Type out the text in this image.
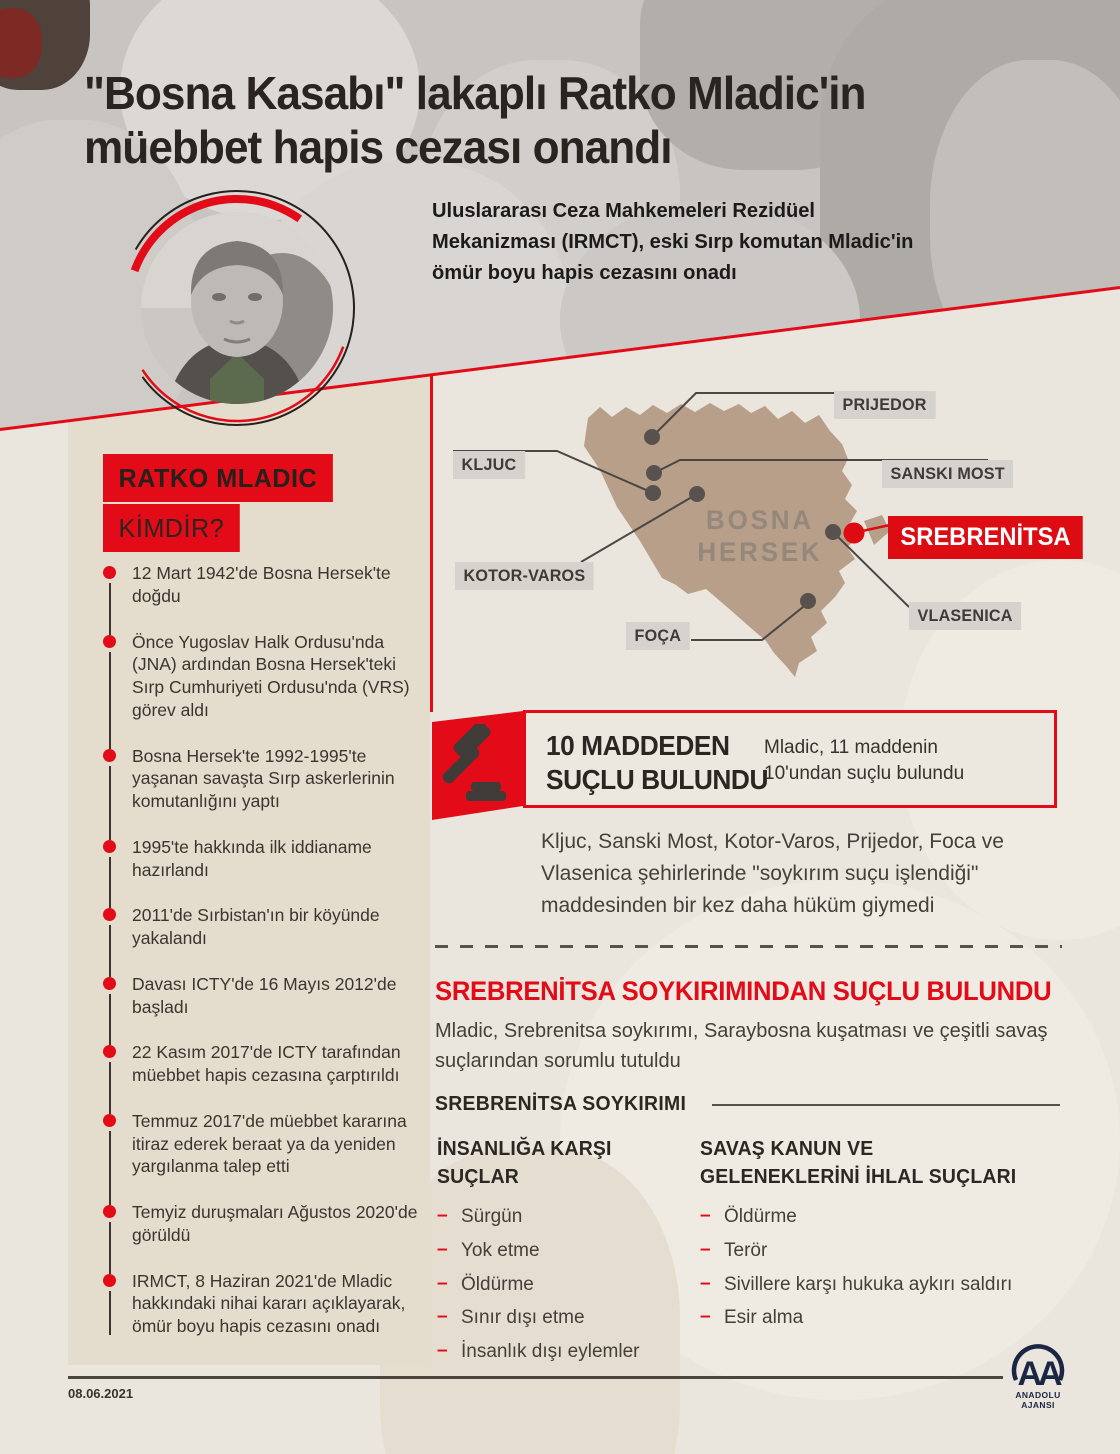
"Bosna Kasabı" lakaplı Ratko Mladic'in
müebbet hapis cezası onandı
Uluslararası Ceza Mahkemeleri Rezidüel Mekanizması (IRMCT), eski Sırp komutan Mladic'in ömür boyu hapis cezasını onadı
RATKO MLADIC
KİMDİR?
12 Mart 1942'de Bosna Hersek'te doğdu
Önce Yugoslav Halk Ordusu'nda (JNA) ardından Bosna Hersek'teki Sırp Cumhuriyeti Ordusu'nda (VRS) görev aldı
Bosna Hersek'te 1992-1995'te yaşanan savaşta Sırp askerlerinin komutanlığını yaptı
1995'te hakkında ilk iddianame hazırlandı
2011'de Sırbistan'ın bir köyünde yakalandı
Davası ICTY'de 16 Mayıs 2012'de başladı
22 Kasım 2017'de ICTY tarafından müebbet hapis cezasına çarptırıldı
Temmuz 2017'de müebbet kararına itiraz ederek beraat ya da yeniden yargılanma talep etti
Temyiz duruşmaları Ağustos 2020'de görüldü
IRMCT, 8 Haziran 2021'de Mladic hakkındaki nihai kararı açıklayarak, ömür boyu hapis cezasını onadı
BOSNA
HERSEK
PRIJEDOR
KLJUC	SANSKI MOST
KOTOR-VAROS
FOÇA
VLASENICA
SREBRENİTSA
10 MADDEDEN
SUÇLU BULUNDU
Mladic, 11 maddenin 10'undan suçlu bulundu
Kljuc, Sanski Most, Kotor-Varos, Prijedor, Foca ve Vlasenica şehirlerinde "soykırım suçu işlendiği" maddesinden bir kez daha hüküm giymedi
SREBRENİTSA SOYKIRIMINDAN SUÇLU BULUNDU
Mladic, Srebrenitsa soykırımı, Saraybosna kuşatması ve çeşitli savaş suçlarından sorumlu tutuldu
SREBRENİTSA SOYKIRIMI
İNSANLIĞA KARŞI
SUÇLAR
– Sürgün
– Yok etme
– Öldürme
– Sınır dışı etme
– İnsanlık dışı eylemler
SAVAŞ KANUN VE
GELENEKLERİNİ İHLAL SUÇLARI
– Öldürme
– Terör
– Sivillere karşı hukuka aykırı saldırı
– Esir alma
08.06.2021
AA
ANADOLU AJANSI
